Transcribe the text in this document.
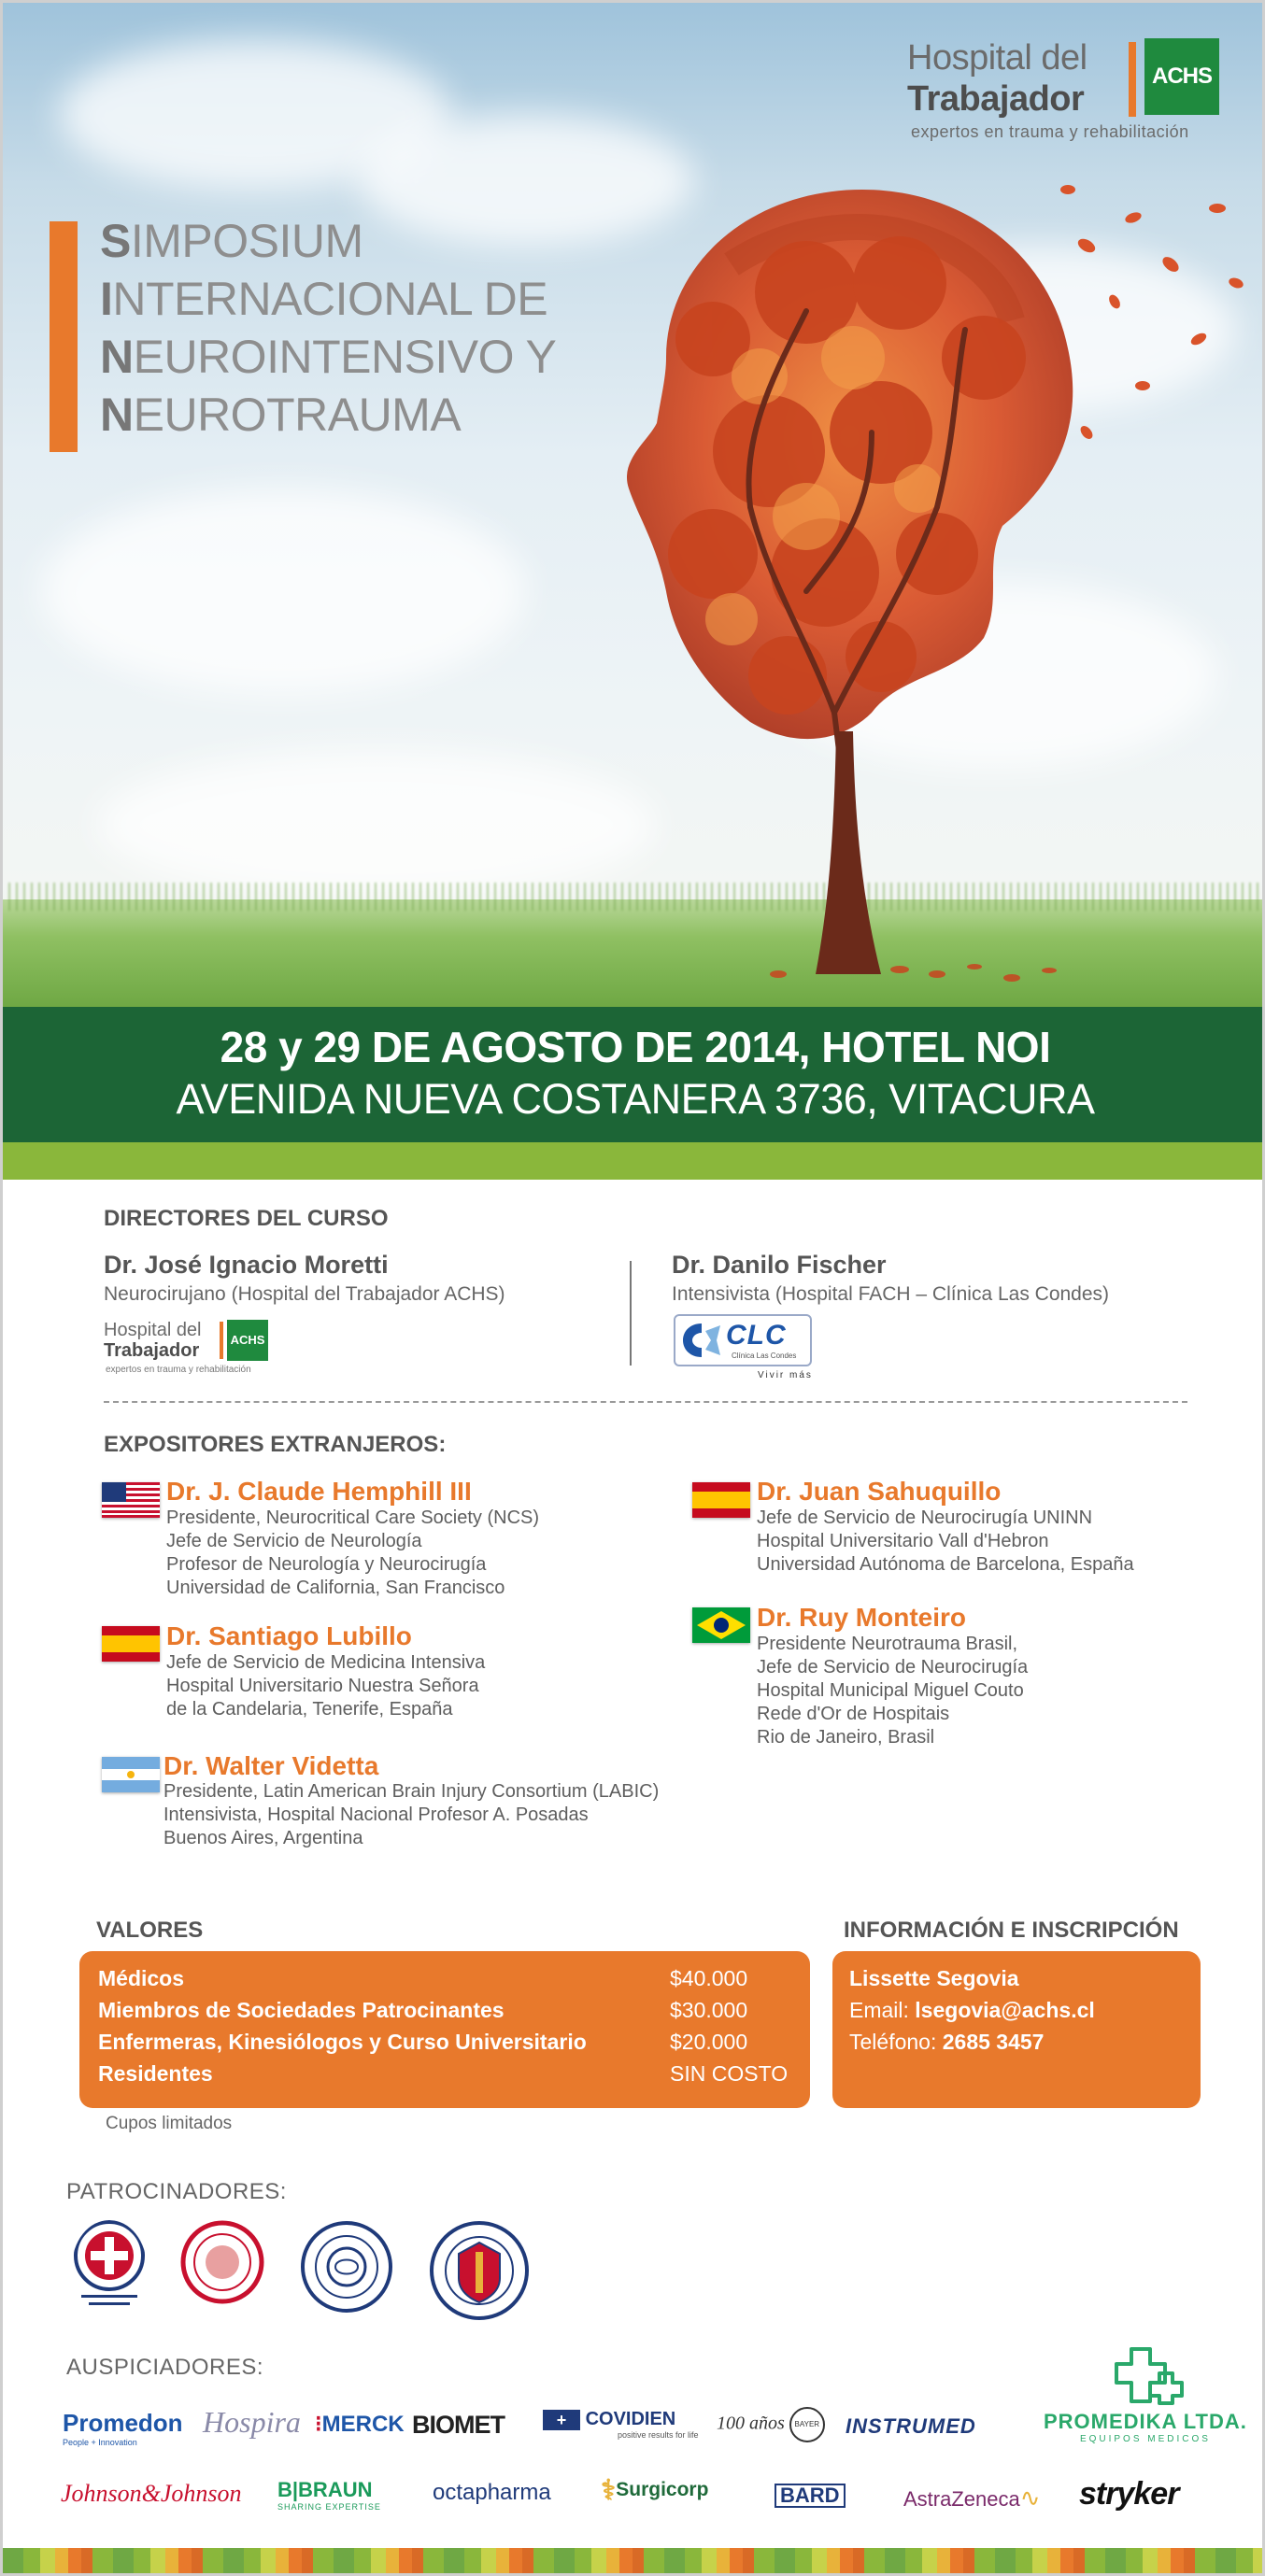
Hospital del
Trabajador
ACHS
expertos en trauma y rehabilitación
SIMPOSIUM
INTERNACIONAL DE
NEUROINTENSIVO Y
NEUROTRAUMA
28 y 29 DE AGOSTO DE 2014, HOTEL NOI
AVENIDA NUEVA COSTANERA 3736, VITACURA
DIRECTORES DEL CURSO
Dr. José Ignacio Moretti
Neurocirujano (Hospital del Trabajador ACHS)
Hospital del
Trabajador
ACHS
expertos en trauma y rehabilitación
Dr. Danilo Fischer
Intensivista (Hospital FACH – Clínica Las Condes)
CLC
Clínica Las Condes
Vivir más
EXPOSITORES EXTRANJEROS:
Dr. J. Claude Hemphill III
Presidente, Neurocritical Care Society (NCS)
Jefe de Servicio de Neurología
Profesor de Neurología y Neurocirugía
Universidad de California, San Francisco
Dr. Santiago Lubillo
Jefe de Servicio de Medicina Intensiva
Hospital Universitario Nuestra Señora
de la Candelaria, Tenerife, España
Dr. Walter Videtta
Presidente, Latin American Brain Injury Consortium (LABIC)
Intensivista, Hospital Nacional Profesor A. Posadas
Buenos Aires, Argentina
Dr. Juan Sahuquillo
Jefe de Servicio de Neurocirugía UNINN
Hospital Universitario Vall d'Hebron
Universidad Autónoma de Barcelona, España
Dr. Ruy Monteiro
Presidente Neurotrauma Brasil,
Jefe de Servicio de Neurocirugía
Hospital Municipal Miguel Couto
Rede d'Or de Hospitais
Rio de Janeiro, Brasil
VALORES
Médicos	$40.000
Miembros de Sociedades Patrocinantes	$30.000
Enfermeras, Kinesiólogos y Curso Universitario	$20.000
Residentes	SIN COSTO
Cupos limitados
INFORMACIÓN E INSCRIPCIÓN
Lissette Segovia
Email: lsegovia@achs.cl
Teléfono: 2685 3457
PATROCINADORES:
AUSPICIADORES:
Promedon
People + Innovation
Hospira ⁝MERCK BIOMET	+ COVIDIEN
positive results for life
100 años BAYER INSTRUMED	PROMEDIKA LTDA.
EQUIPOS MEDICOS
Johnson&Johnson B|BRAUN
SHARING EXPERTISE
octapharma ⚕Surgicorp	BARD	AstraZeneca∿ stryker
